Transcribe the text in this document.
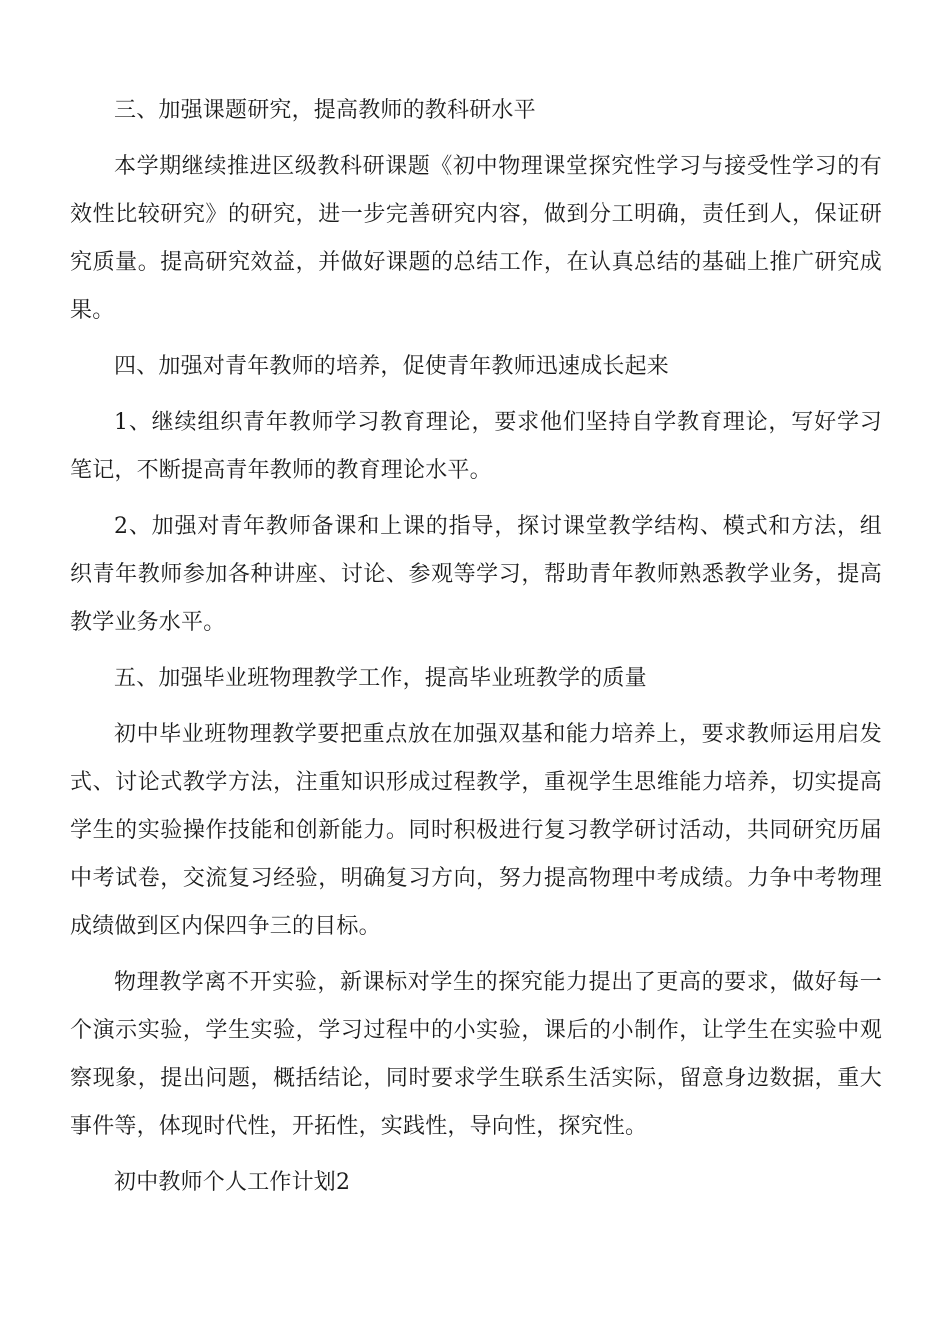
三、加强课题研究，提高教师的教科研水平

本学期继续推进区级教科研课题《初中物理课堂探究性学习与接受性学习的有效性比较研究》的研究，进一步完善研究内容，做到分工明确，责任到人，保证研究质量。提高研究效益，并做好课题的总结工作，在认真总结的基础上推广研究成果。

四、加强对青年教师的培养，促使青年教师迅速成长起来

1、继续组织青年教师学习教育理论，要求他们坚持自学教育理论，写好学习笔记，不断提高青年教师的教育理论水平。

2、加强对青年教师备课和上课的指导，探讨课堂教学结构、模式和方法，组织青年教师参加各种讲座、讨论、参观等学习，帮助青年教师熟悉教学业务，提高教学业务水平。

五、加强毕业班物理教学工作，提高毕业班教学的质量

初中毕业班物理教学要把重点放在加强双基和能力培养上，要求教师运用启发式、讨论式教学方法，注重知识形成过程教学，重视学生思维能力培养，切实提高学生的实验操作技能和创新能力。同时积极进行复习教学研讨活动，共同研究历届中考试卷，交流复习经验，明确复习方向，努力提高物理中考成绩。力争中考物理成绩做到区内保四争三的目标。

物理教学离不开实验，新课标对学生的探究能力提出了更高的要求，做好每一个演示实验，学生实验，学习过程中的小实验，课后的小制作，让学生在实验中观察现象，提出问题，概括结论，同时要求学生联系生活实际，留意身边数据，重大事件等，体现时代性，开拓性，实践性，导向性，探究性。

初中教师个人工作计划2
